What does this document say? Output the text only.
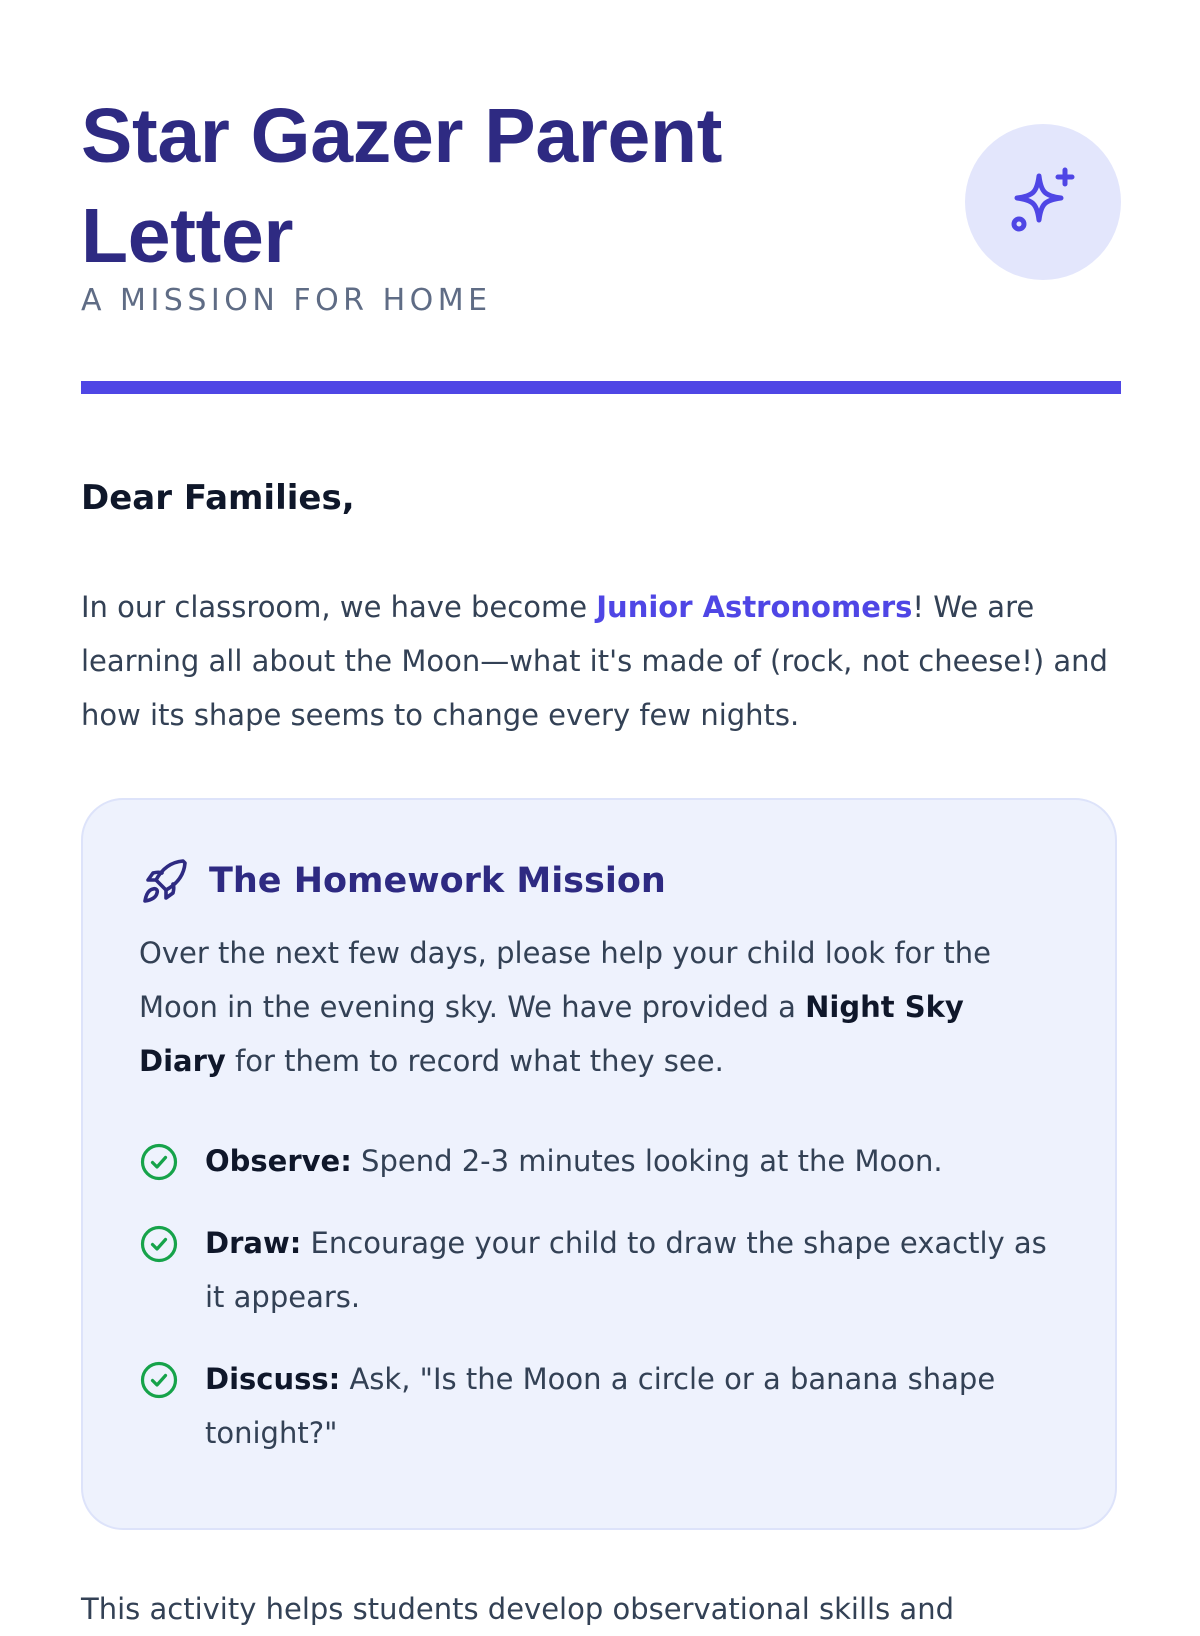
Star Gazer Parent Letter

A MISSION FOR HOME

Dear Families,

In our classroom, we have become Junior Astronomers! We are learning all about the Moon—what it's made of (rock, not cheese!) and how its shape seems to change every few nights.

The Homework Mission

Over the next few days, please help your child look for the Moon in the evening sky. We have provided a Night Sky Diary for them to record what they see.

Observe: Spend 2-3 minutes looking at the Moon.
Draw: Encourage your child to draw the shape exactly as it appears.
Discuss: Ask, "Is the Moon a circle or a banana shape tonight?"

This activity helps students develop observational skills and
